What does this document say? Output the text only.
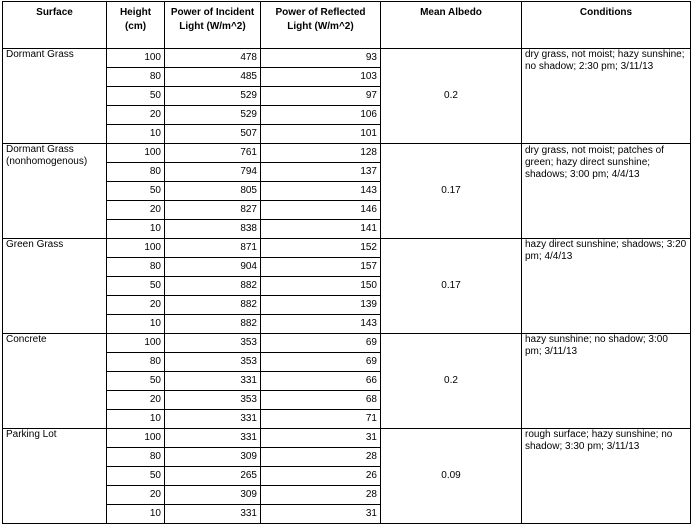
Surface	Height (cm)	Power of Incident Light (W/m^2)	Power of Reflected Light (W/m^2)	Mean Albedo	Conditions
Dormant Grass	100	478	93	0.2	dry grass, not moist; hazy sunshine; no shadow; 2:30 pm; 3/11/13
	80	485	103		
	50	529	97		
	20	529	106		
	10	507	101		
Dormant Grass (nonhomogenous)	100	761	128	0.17	dry grass, not moist; patches of green; hazy direct sunshine; shadows; 3:00 pm; 4/4/13
	80	794	137		
	50	805	143		
	20	827	146		
	10	838	141		
Green Grass	100	871	152	0.17	hazy direct sunshine; shadows; 3:20 pm; 4/4/13
	80	904	157		
	50	882	150		
	20	882	139		
	10	882	143		
Concrete	100	353	69	0.2	hazy sunshine; no shadow; 3:00 pm; 3/11/13
	80	353	69		
	50	331	66		
	20	353	68		
	10	331	71		
Parking Lot	100	331	31	0.09	rough surface; hazy sunshine; no shadow; 3:30 pm; 3/11/13
	80	309	28		
	50	265	26		
	20	309	28		
	10	331	31		
